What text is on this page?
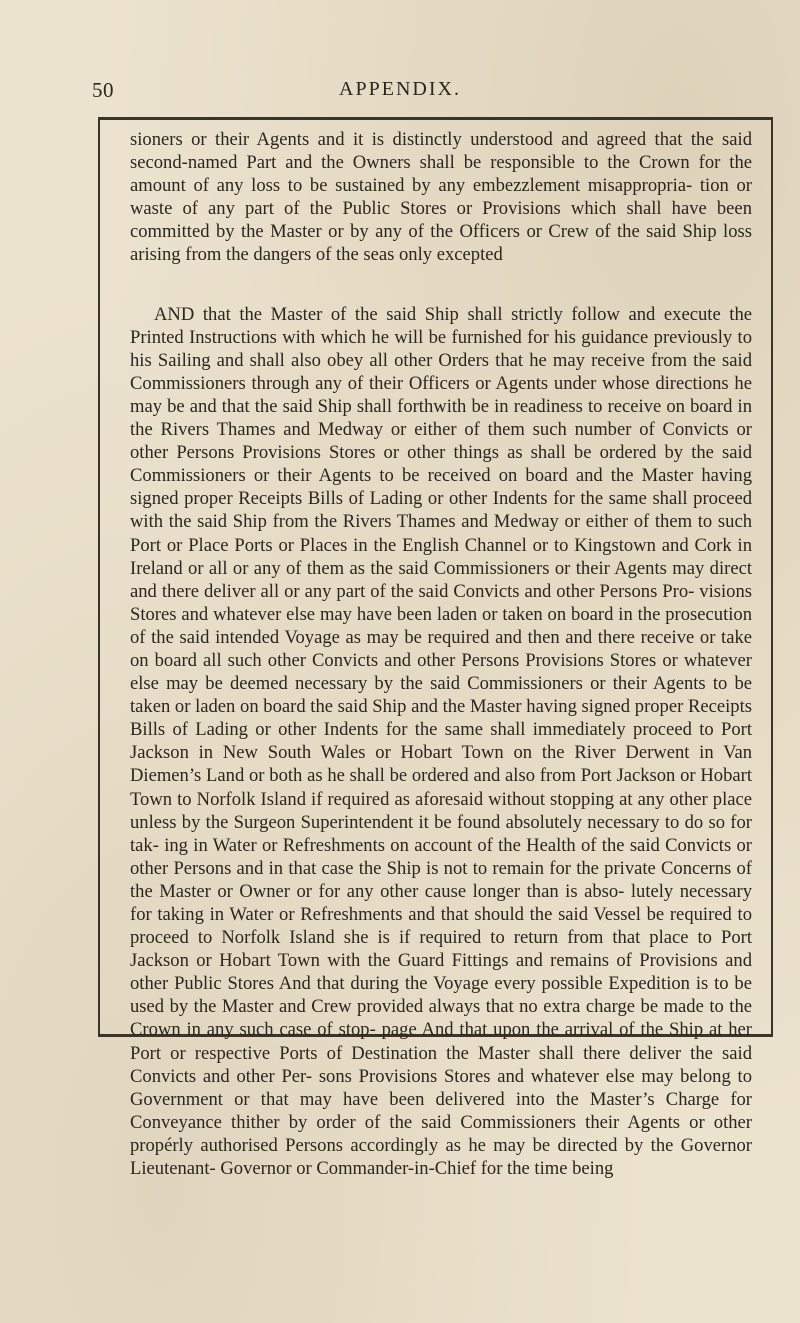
50	APPENDIX.

sioners or their Agents and it is distinctly understood and agreed that the said second-named Part and the Owners shall be responsible to the Crown for the amount of any loss to be sustained by any embezzlement misappropria- tion or waste of any part of the Public Stores or Provisions which shall have been committed by the Master or by any of the Officers or Crew of the said Ship loss arising from the dangers of the seas only excepted

AND that the Master of the said Ship shall strictly follow and execute the Printed Instructions with which he will be furnished for his guidance previously to his Sailing and shall also obey all other Orders that he may receive from the said Commissioners through any of their Officers or Agents under whose directions he may be and that the said Ship shall forthwith be in readiness to receive on board in the Rivers Thames and Medway or either of them such number of Convicts or other Persons Provisions Stores or other things as shall be ordered by the said Commissioners or their Agents to be received on board and the Master having signed proper Receipts Bills of Lading or other Indents for the same shall proceed with the said Ship from the Rivers Thames and Medway or either of them to such Port or Place Ports or Places in the English Channel or to Kingstown and Cork in Ireland or all or any of them as the said Commissioners or their Agents may direct and there deliver all or any part of the said Convicts and other Persons Pro- visions Stores and whatever else may have been laden or taken on board in the prosecution of the said intended Voyage as may be required and then and there receive or take on board all such other Convicts and other Persons Provisions Stores or whatever else may be deemed necessary by the said Commissioners or their Agents to be taken or laden on board the said Ship and the Master having signed proper Receipts Bills of Lading or other Indents for the same shall immediately proceed to Port Jackson in New South Wales or Hobart Town on the River Derwent in Van Diemen’s Land or both as he shall be ordered and also from Port Jackson or Hobart Town to Norfolk Island if required as aforesaid without stopping at any other place unless by the Surgeon Superintendent it be found absolutely necessary to do so for tak- ing in Water or Refreshments on account of the Health of the said Convicts or other Persons and in that case the Ship is not to remain for the private Concerns of the Master or Owner or for any other cause longer than is abso- lutely necessary for taking in Water or Refreshments and that should the said Vessel be required to proceed to Norfolk Island she is if required to return from that place to Port Jackson or Hobart Town with the Guard Fittings and remains of Provisions and other Public Stores And that during the Voyage every possible Expedition is to be used by the Master and Crew provided always that no extra charge be made to the Crown in any such case of stop- page And that upon the arrival of the Ship at her Port or respective Ports of Destination the Master shall there deliver the said Convicts and other Per- sons Provisions Stores and whatever else may belong to Government or that may have been delivered into the Master’s Charge for Conveyance thither by order of the said Commissioners their Agents or other propérly authorised Persons accordingly as he may be directed by the Governor Lieutenant- Governor or Commander-in-Chief for the time being
